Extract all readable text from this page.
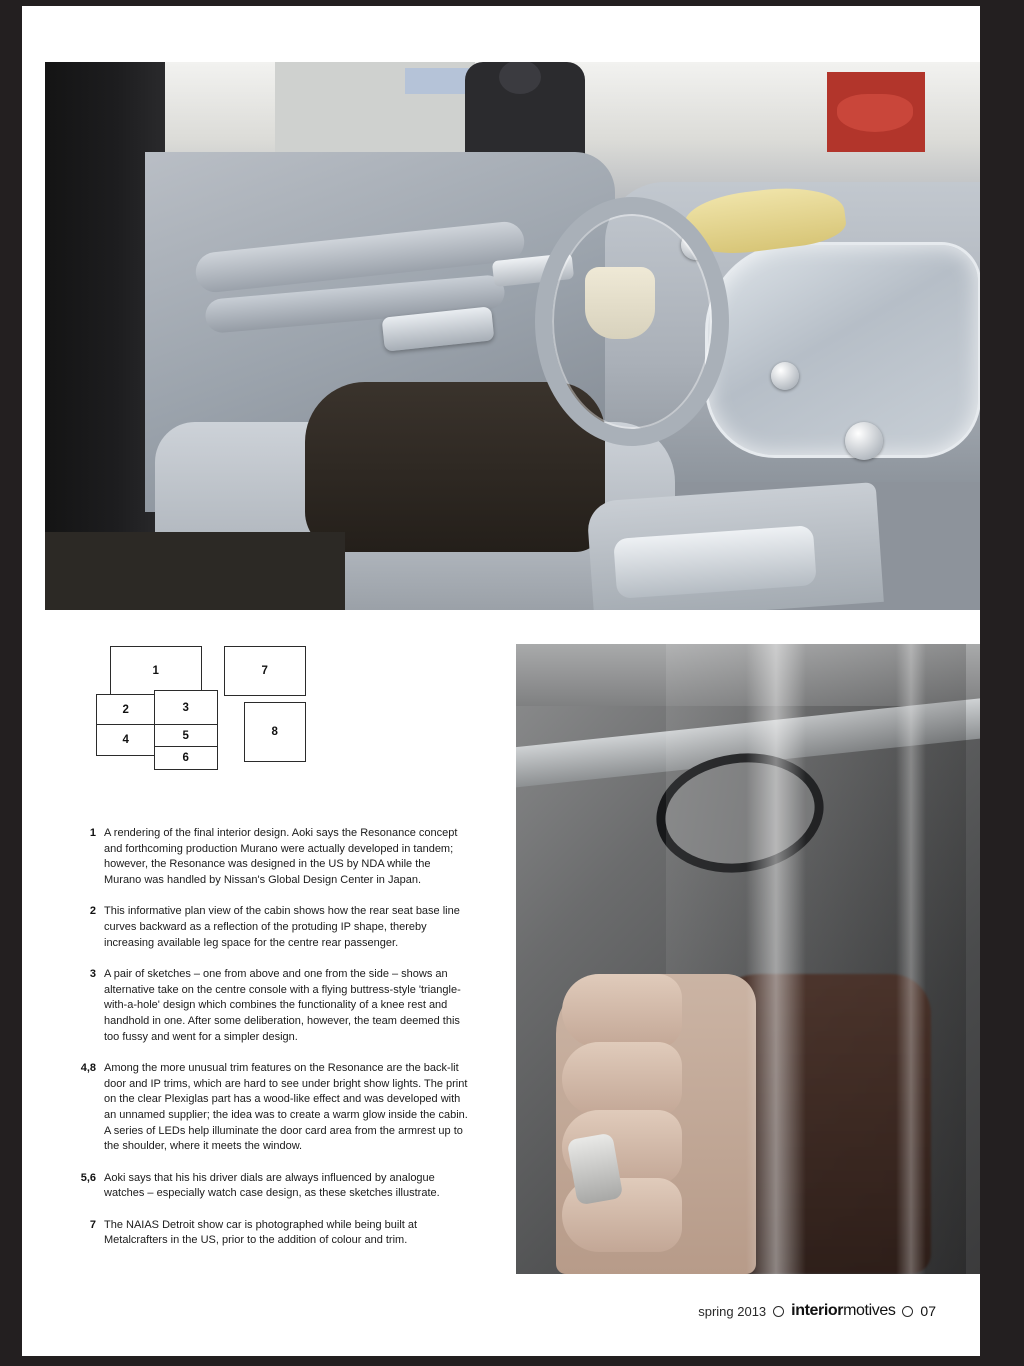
1	7
2	3
8
4	5
6
1 A rendering of the final interior design. Aoki says the Resonance concept and forthcoming production Murano were actually developed in tandem; however, the Resonance was designed in the US by NDA while the Murano was handled by Nissan's Global Design Center in Japan.
2 This informative plan view of the cabin shows how the rear seat base line curves backward as a reflection of the protuding IP shape, thereby increasing available leg space for the centre rear passenger.
3 A pair of sketches – one from above and one from the side – shows an alternative take on the centre console with a flying buttress-style 'triangle-with-a-hole' design which combines the functionality of a knee rest and handhold in one. After some deliberation, however, the team deemed this too fussy and went for a simpler design.
4,8 Among the more unusual trim features on the Resonance are the back-lit door and IP trims, which are hard to see under bright show lights. The print on the clear Plexiglas part has a wood-like effect and was developed with an unnamed supplier; the idea was to create a warm glow inside the cabin. A series of LEDs help illuminate the door card area from the armrest up to the shoulder, where it meets the window.
5,6 Aoki says that his his driver dials are always influenced by analogue watches – especially watch case design, as these sketches illustrate.
7 The NAIAS Detroit show car is photographed while being built at Metalcrafters in the US, prior to the addition of colour and trim.
spring 2013 interiormotives 07
